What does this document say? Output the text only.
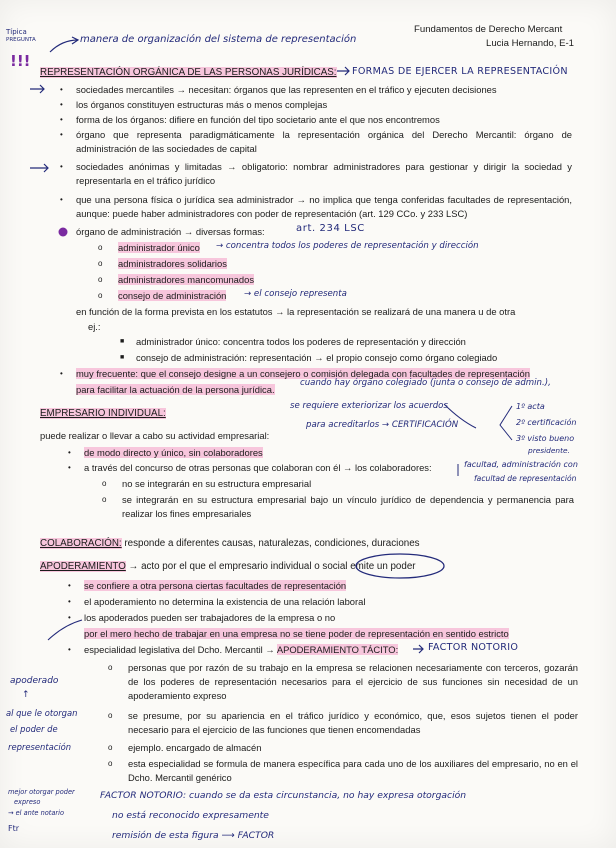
Fundamentos de Derecho Mercant
Lucia Hernando, E-1
Típica
PREGUNTA
!!!
manera de organización del sistema de representación
REPRESENTACIÓN ORGÁNICA DE LAS PERSONAS JURÍDICAS: FORMAS DE EJERCER LA REPRESENTACIÓN
• sociedades mercantiles → necesitan: órganos que las representen en el tráfico y ejecuten decisiones
• los órganos constituyen estructuras más o menos complejas
• forma de los órganos: difiere en función del tipo societario ante el que nos encontremos
• órgano que representa paradigmáticamente la representación orgánica del Derecho Mercantil: órgano de administración de las sociedades de capital
• sociedades anónimas y limitadas → obligatorio: nombrar administradores para gestionar y dirigir la sociedad y representarla en el tráfico jurídico
• que una persona física o jurídica sea administrador → no implica que tenga conferidas facultades de representación, aunque: puede haber administradores con poder de representación (art. 129 CCo. y 233 LSC)
órgano de administración → diversas formas:	art. 234 LSC
o administrador único → concentra todos los poderes de representación y dirección
o administradores solidarios
o administradores mancomunados
o consejo de administración → el consejo representa
en función de la forma prevista en los estatutos → la representación se realizará de una manera u de otra
ej.:
■ administrador único: concentra todos los poderes de representación y dirección
■ consejo de administración: representación → el propio consejo como órgano colegiado
• muy frecuente: que el consejo designe a un consejero o comisión delegada con facultades de representación
para facilitar la actuación de la persona jurídica.
cuando hay órgano colegiado (junta o consejo de admin.),
se requiere exteriorizar los acuerdos
para acreditarlos → CERTIFICACIÓN
1º acta
2º certificación
3º visto bueno
presidente.
EMPRESARIO INDIVIDUAL:
puede realizar o llevar a cabo su actividad empresarial:
• de modo directo y único, sin colaboradores
• a través del concurso de otras personas que colaboran con él → los colaboradores:	facultad, administración con
facultad de representación
o no se integrarán en su estructura empresarial
o se integrarán en su estructura empresarial bajo un vínculo jurídico de dependencia y permanencia para realizar los fines empresariales
COLABORACIÓN: responde a diferentes causas, naturalezas, condiciones, duraciones
APODERAMIENTO → acto por el que el empresario individual o social emite un poder
• se confiere a otra persona ciertas facultades de representación
• el apoderamiento no determina la existencia de una relación laboral
• los apoderados pueden ser trabajadores de la empresa o no
por el mero hecho de trabajar en una empresa no se tiene poder de representación en sentido estricto
• especialidad legislativa del Dcho. Mercantil → APODERAMIENTO TÁCITO:	FACTOR NOTORIO
o personas que por razón de su trabajo en la empresa se relacionen necesariamente con terceros, gozarán de los poderes de representación necesarios para el ejercicio de sus funciones sin necesidad de un apoderamiento expreso
o se presume, por su apariencia en el tráfico jurídico y económico, que, esos sujetos tienen el poder necesario para el ejercicio de las funciones que tienen encomendadas
o ejemplo. encargado de almacén
o esta especialidad se formula de manera específica para cada uno de los auxiliares del empresario, no en el Dcho. Mercantil genérico
apoderado
↑
al que le otorgan
el poder de
representación
mejor otorgar poder
expreso
→ el ante notario
Ftr
FACTOR NOTORIO: cuando se da esta circunstancia, no hay expresa otorgación
no está reconocido expresamente
remisión de esta figura ⟶ FACTOR
